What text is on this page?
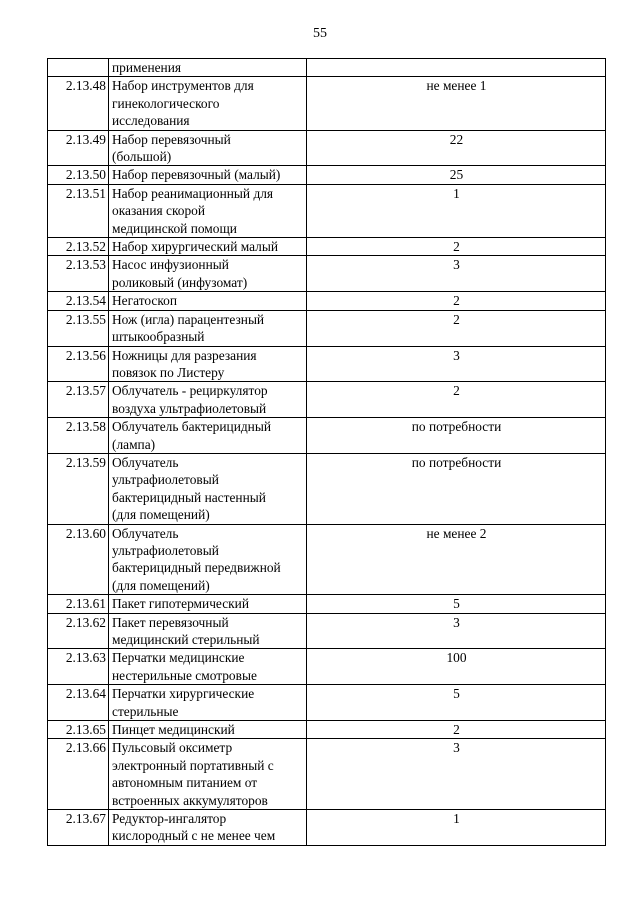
55
	применения	
2.13.48	Набор инструментов для
гинекологического
исследования	не менее 1
2.13.49	Набор перевязочный
(большой)	22
2.13.50	Набор перевязочный (малый)	25
2.13.51	Набор реанимационный для
оказания скорой
медицинской помощи	1
2.13.52	Набор хирургический малый	2
2.13.53	Насос инфузионный
роликовый (инфузомат)	3
2.13.54	Негатоскоп	2
2.13.55	Нож (игла) парацентезный
штыкообразный	2
2.13.56	Ножницы для разрезания
повязок по Листеру	3
2.13.57	Облучатель - рециркулятор
воздуха ультрафиолетовый	2
2.13.58	Облучатель бактерицидный
(лампа)	по потребности
2.13.59	Облучатель
ультрафиолетовый
бактерицидный настенный
(для помещений)	по потребности
2.13.60	Облучатель
ультрафиолетовый
бактерицидный передвижной
(для помещений)	не менее 2
2.13.61	Пакет гипотермический	5
2.13.62	Пакет перевязочный
медицинский стерильный	3
2.13.63	Перчатки медицинские
нестерильные смотровые	100
2.13.64	Перчатки хирургические
стерильные	5
2.13.65	Пинцет медицинский	2
2.13.66	Пульсовый оксиметр
электронный портативный с
автономным питанием от
встроенных аккумуляторов	3
2.13.67	Редуктор-ингалятор
кислородный с не менее чем	1
